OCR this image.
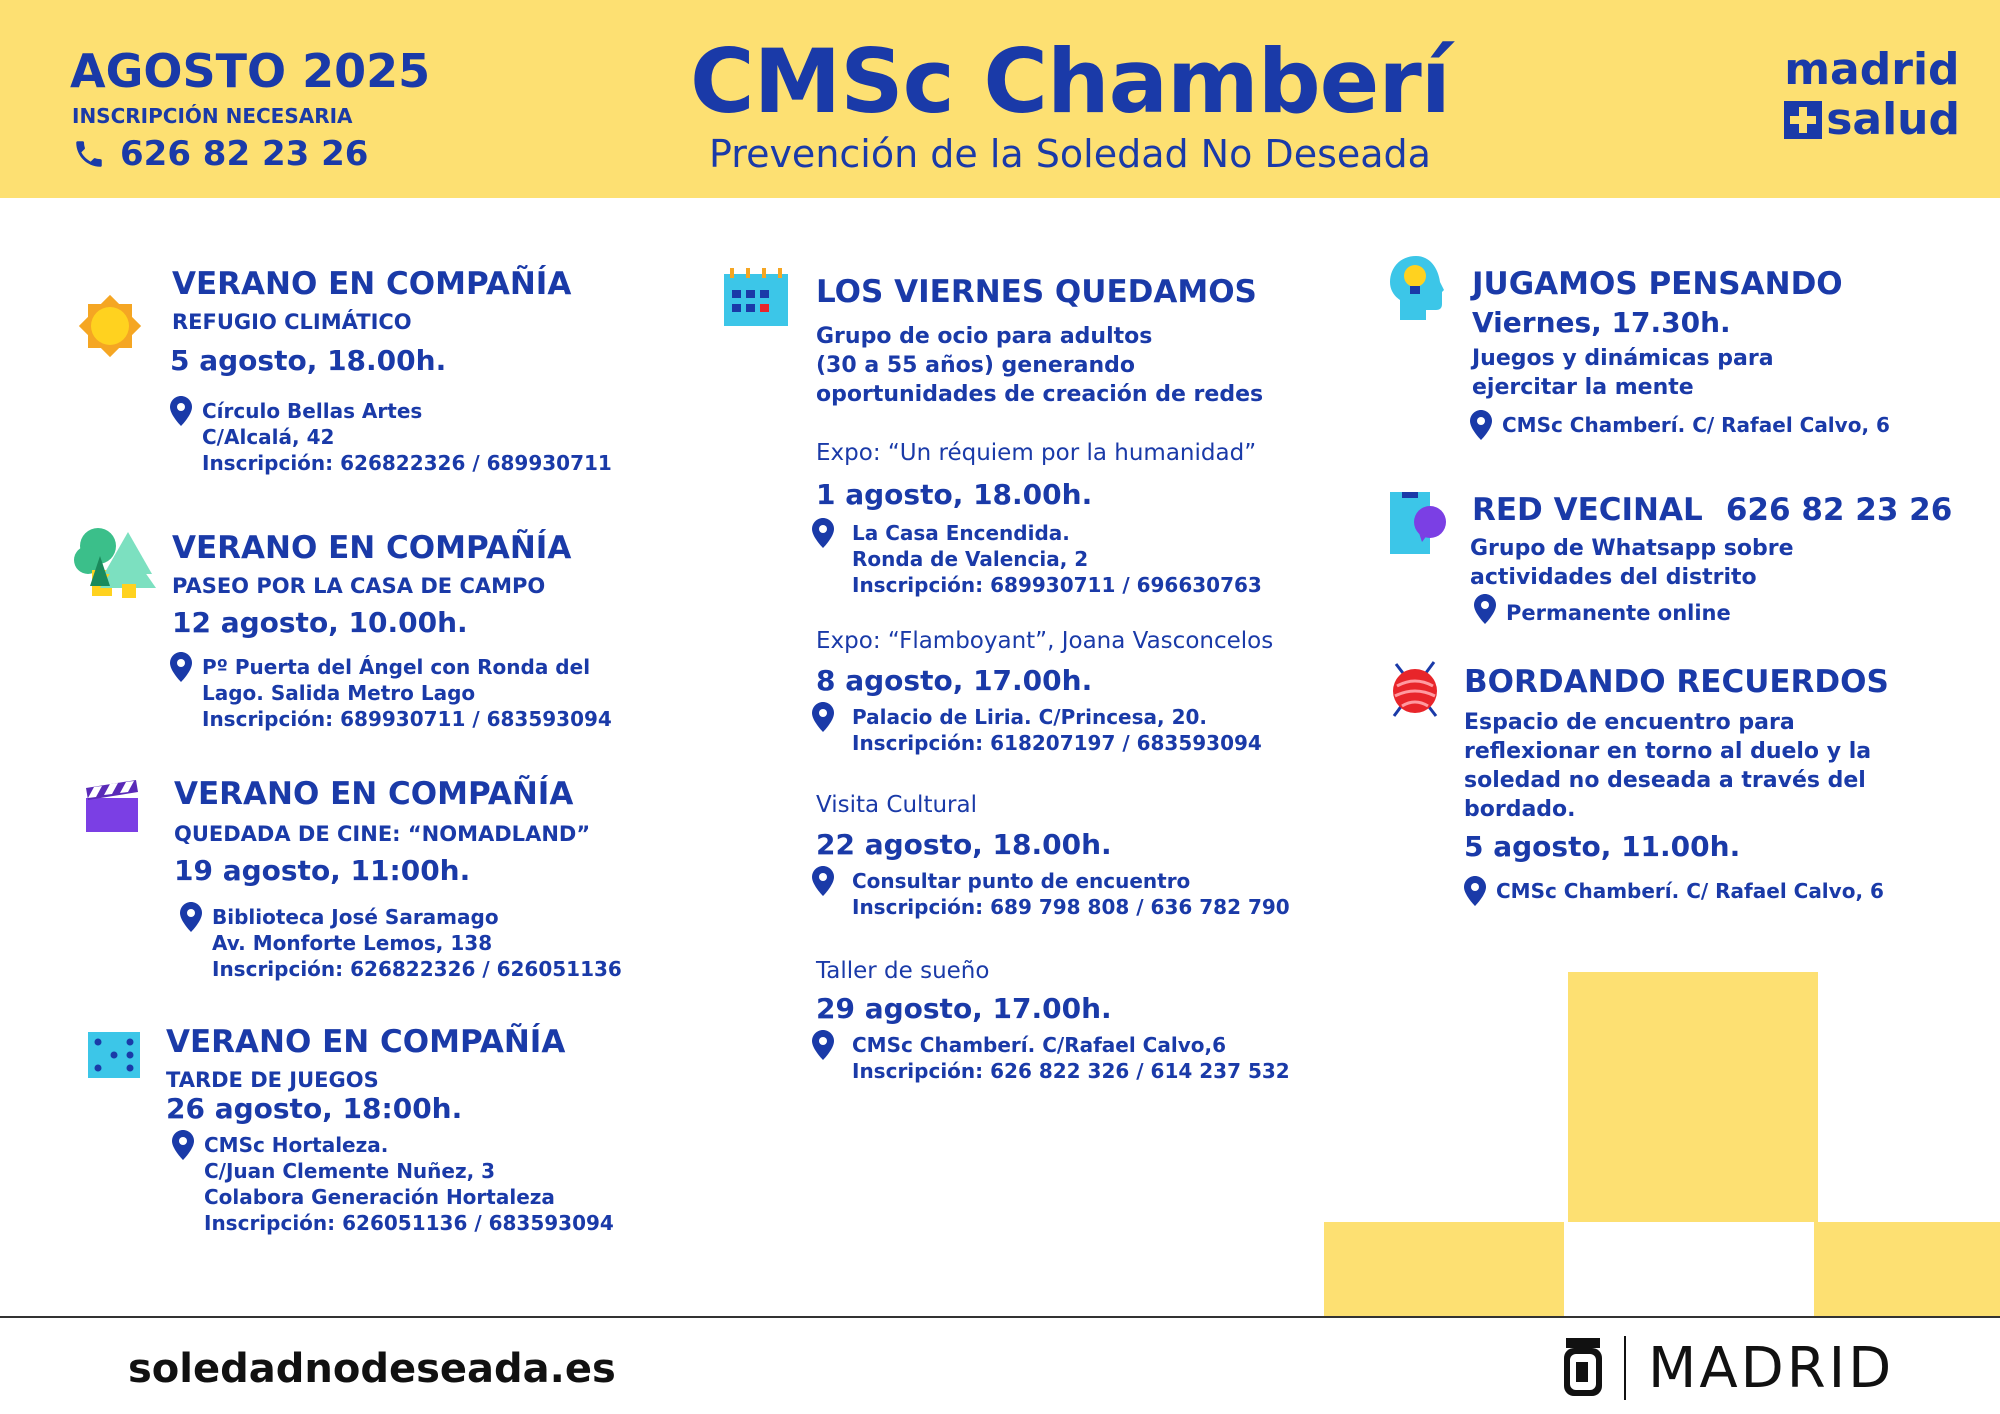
AGOSTO 2025
INSCRIPCIÓN NECESARIA
626 82 23 26
CMSc Chamberí
Prevención de la Soledad No Deseada
madrid
salud
VERANO EN COMPAÑÍA
REFUGIO CLIMÁTICO
5 agosto, 18.00h.
Círculo Bellas Artes
C/Alcalá, 42
Inscripción: 626822326 / 689930711
VERANO EN COMPAÑÍA
PASEO POR LA CASA DE CAMPO
12 agosto, 10.00h.
Pº Puerta del Ángel con Ronda del
Lago. Salida Metro Lago
Inscripción: 689930711 / 683593094
VERANO EN COMPAÑÍA
QUEDADA DE CINE: “NOMADLAND”
19 agosto, 11:00h.
Biblioteca José Saramago
Av. Monforte Lemos, 138
Inscripción: 626822326 / 626051136
VERANO EN COMPAÑÍA
TARDE DE JUEGOS
26 agosto, 18:00h.
CMSc Hortaleza.
C/Juan Clemente Nuñez, 3
Colabora Generación Hortaleza
Inscripción: 626051136 / 683593094
LOS VIERNES QUEDAMOS
Grupo de ocio para adultos
(30 a 55 años) generando
oportunidades de creación de redes
Expo: “Un réquiem por la humanidad”
1 agosto, 18.00h.
La Casa Encendida.
Ronda de Valencia, 2
Inscripción: 689930711 / 696630763
Expo: “Flamboyant”, Joana Vasconcelos
8 agosto, 17.00h.
Palacio de Liria. C/Princesa, 20.
Inscripción: 618207197 / 683593094
Visita Cultural
22 agosto, 18.00h.
Consultar punto de encuentro
Inscripción: 689 798 808 / 636 782 790
Taller de sueño
29 agosto, 17.00h.
CMSc Chamberí. C/Rafael Calvo,6
Inscripción: 626 822 326 / 614 237 532
JUGAMOS PENSANDO
Viernes, 17.30h.
Juegos y dinámicas para
ejercitar la mente
CMSc Chamberí. C/ Rafael Calvo, 6
RED VECINAL 626 82 23 26
Grupo de Whatsapp sobre
actividades del distrito
Permanente online
BORDANDO RECUERDOS
Espacio de encuentro para
reflexionar en torno al duelo y la
soledad no deseada a través del
bordado.
5 agosto, 11.00h.
CMSc Chamberí. C/ Rafael Calvo, 6
soledadnodeseada.es	MADRID
